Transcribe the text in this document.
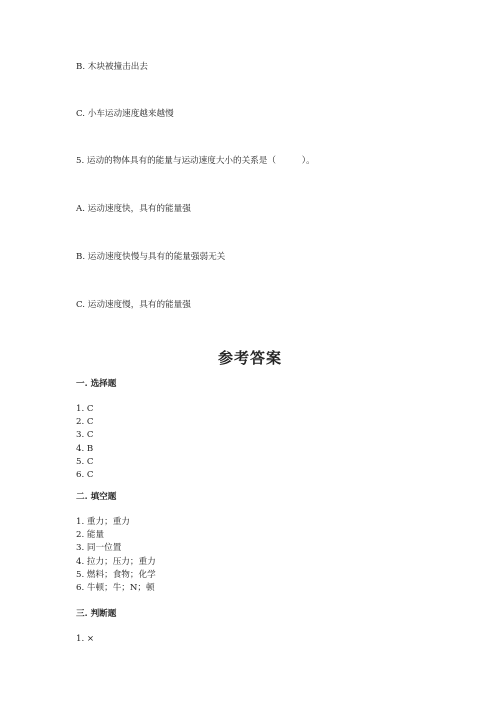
B. 木块被撞击出去
C. 小车运动速度越来越慢
5. 运动的物体具有的能量与运动速度大小的关系是（　　　）。
A. 运动速度快，具有的能量强
B. 运动速度快慢与具有的能量强弱无关
C. 运动速度慢，具有的能量强
参考答案
一. 选择题
1. C
2. C
3. C
4. B
5. C
6. C
二. 填空题
1. 重力；重力
2. 能量
3. 同一位置
4. 拉力；压力；重力
5. 燃料；食物；化学
6. 牛顿；牛；N；顿
三. 判断题
1. ×
